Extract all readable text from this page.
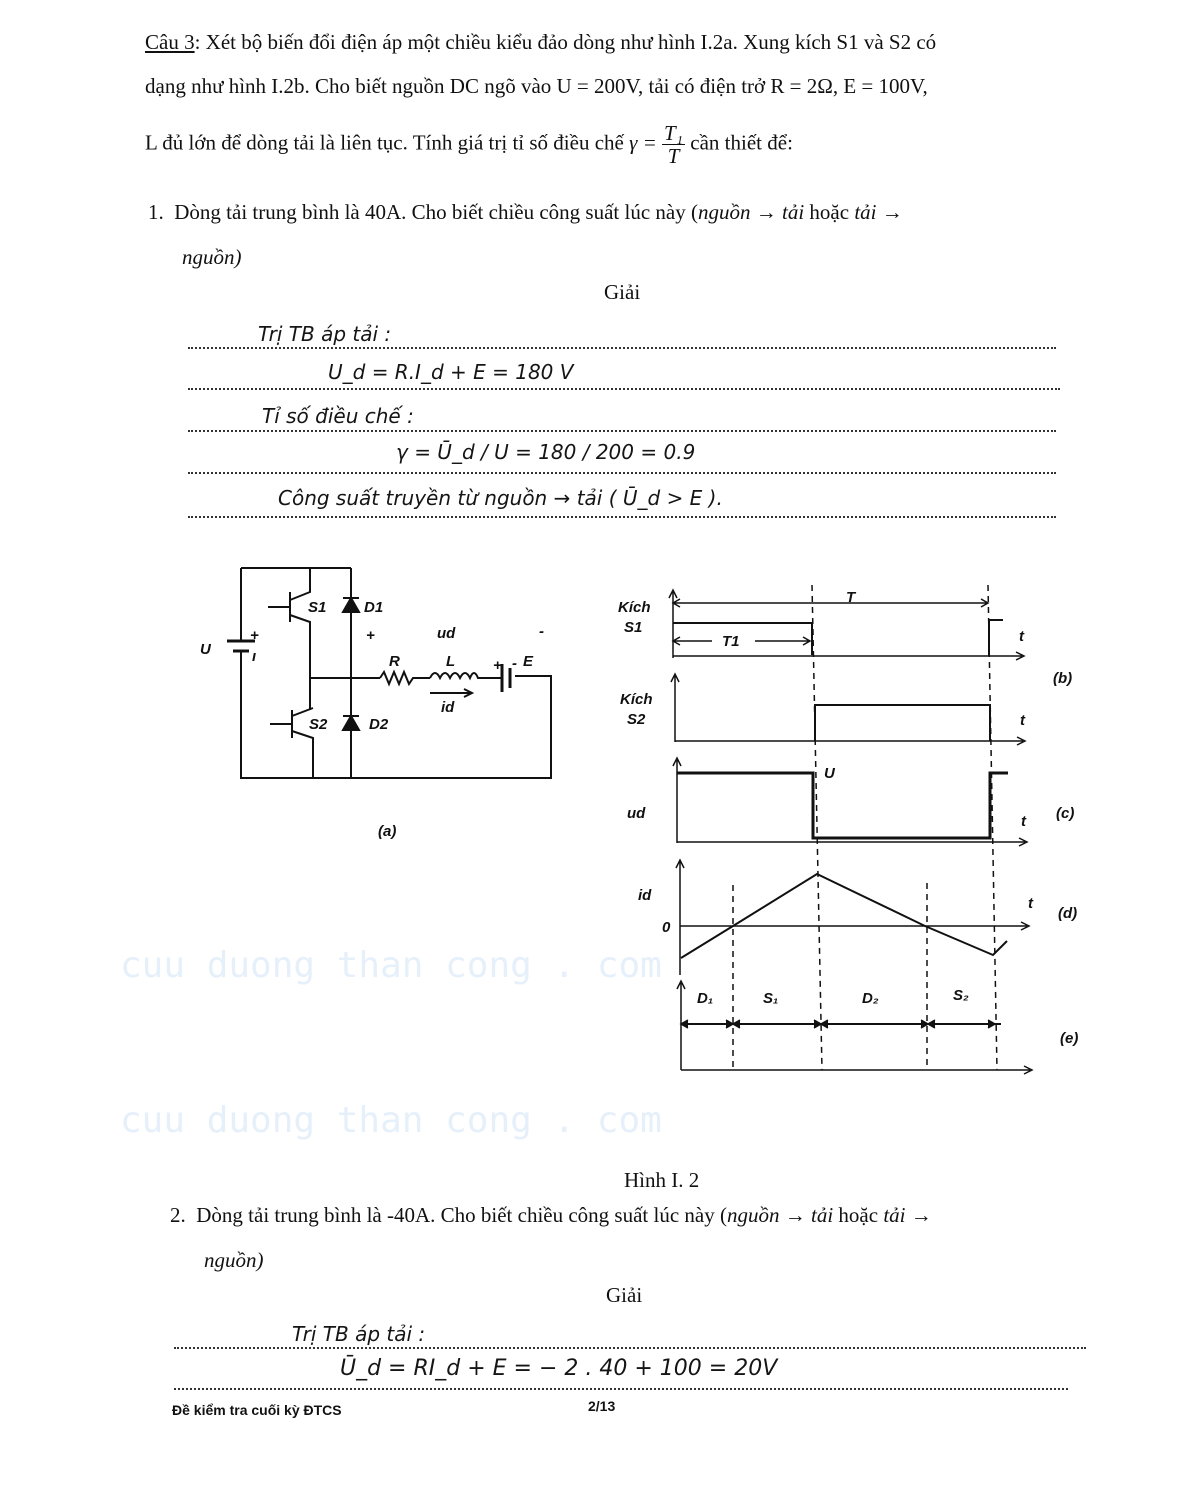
cuu duong than cong . com
cuu duong than cong . com
Câu 3: Xét bộ biến đổi điện áp một chiều kiểu đảo dòng như hình I.2a. Xung kích S1 và S2 có
dạng như hình I.2b. Cho biết nguồn DC ngõ vào U = 200V, tải có điện trở R = 2Ω, E = 100V,
L đủ lớn để dòng tải là liên tục. Tính giá trị tỉ số điều chế $\gamma = \frac{\text{T₁}}{T}$ cần thiết để:
1. Dòng tải trung bình là 40A. Cho biết chiều công suất lúc này (nguồn → tải hoặc tải →
nguồn)
Giải
Trị TB áp tải :
U_d = R.I_d + E = 180 V
Tỉ số điều chế :
γ = Ū_d / U = 180 / 200 = 0.9
Công suất truyền từ nguồn → tải ( Ū_d > E ).
U
+
ı
S1	D1
+	ud	-
R	L	+ - E
id
S2	D2
(a)
Kích
S1
T
T1	t
Kích
S2	t
(b)
U
ud	t (c)
id
0
t
(d)
D₁	S₁	D₂	S₂
(e)
Hình I. 2
2. Dòng tải trung bình là -40A. Cho biết chiều công suất lúc này (nguồn → tải hoặc tải →
nguồn)
Giải
Trị TB áp tải :
Ū_d = RI_d + E = − 2 . 40 + 100 = 20V
Đề kiểm tra cuối kỳ ĐTCS	2/13
